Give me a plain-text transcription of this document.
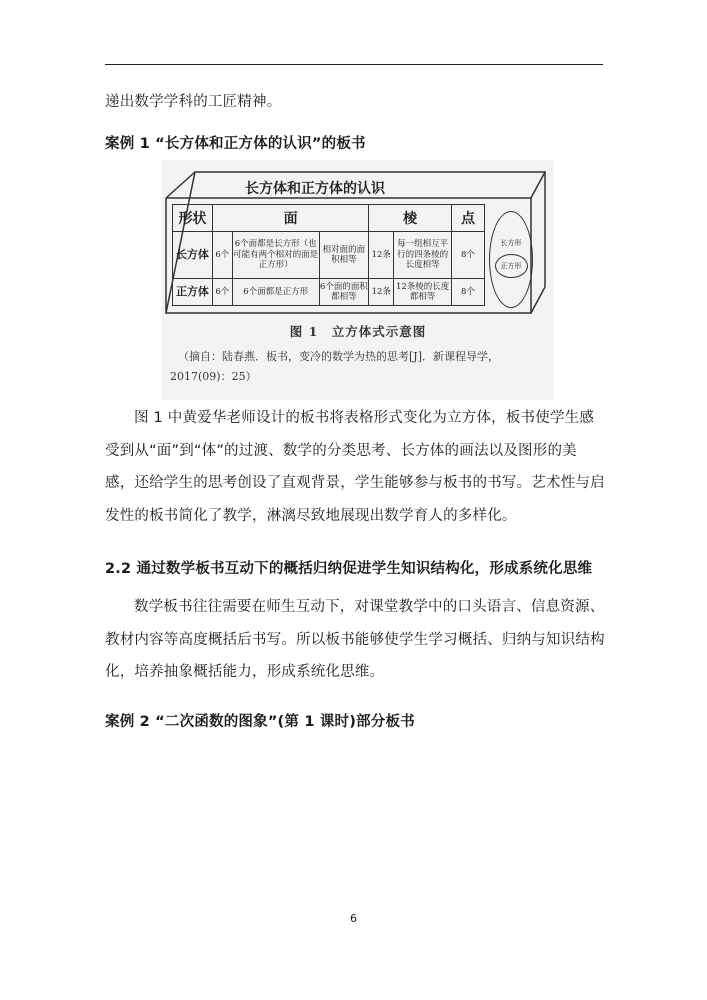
递出数学学科的工匠精神。

案例 1 “长方体和正方体的认识”的板书

长方体和正方体的认识
形状	面			棱		点
长方体	6个	6个面都是长方形（也可能有两个相对的面是正方形）	相对面的面积相等	12条	每一组相互平行的四条棱的长度相等	8个
正方体	6个	6个面都是正方形	6个面的面积都相等	12条	12条棱的长度都相等	8个
长方形
正方形
图 1　立方体式示意图
（摘自：陆春燕．板书，变冷的数学为热的思考[J]．新课程导学，2017(09)：25）

图 1 中黄爱华老师设计的板书将表格形式变化为立方体，板书使学生感受到从“面”到“体”的过渡、数学的分类思考、长方体的画法以及图形的美感，还给学生的思考创设了直观背景，学生能够参与板书的书写。艺术性与启发性的板书简化了教学，淋漓尽致地展现出数学育人的多样化。

2.2 通过数学板书互动下的概括归纳促进学生知识结构化，形成系统化思维

数学板书往往需要在师生互动下，对课堂教学中的口头语言、信息资源、教材内容等高度概括后书写。所以板书能够使学生学习概括、归纳与知识结构化，培养抽象概括能力，形成系统化思维。

案例 2 “二次函数的图象”(第 1 课时)部分板书

6
